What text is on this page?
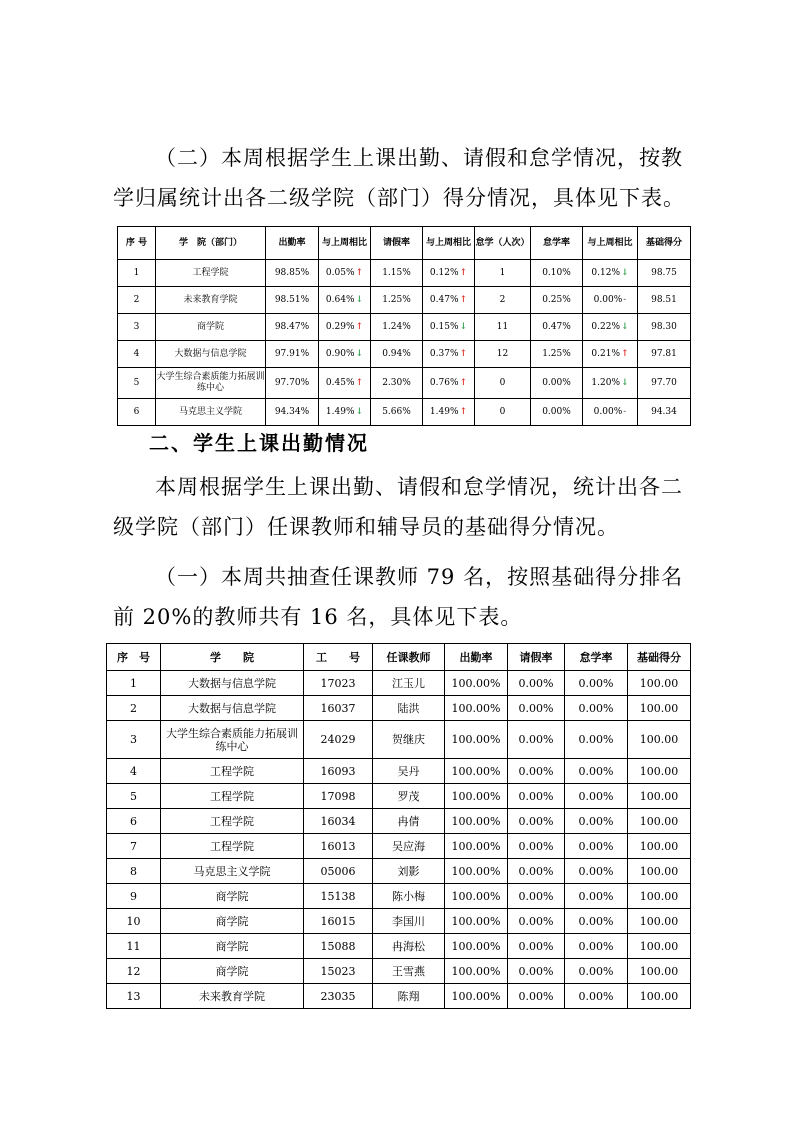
（二）本周根据学生上课出勤、请假和怠学情况，按教学归属统计出各二级学院（部门）得分情况，具体见下表。

序 号	学　院（部门）	出勤率	与上周相比	请假率	与上周相比	怠学（人次）	怠学率	与上周相比	基础得分
1	工程学院	98.85%	0.05%↑	1.15%	0.12%↑	1	0.10%	0.12%↓	98.75
2	未来教育学院	98.51%	0.64%↓	1.25%	0.47%↑	2	0.25%	0.00%-	98.51
3	商学院	98.47%	0.29%↑	1.24%	0.15%↓	11	0.47%	0.22%↓	98.30
4	大数据与信息学院	97.91%	0.90%↓	0.94%	0.37%↑	12	1.25%	0.21%↑	97.81
5	大学生综合素质能力拓展训练中心	97.70%	0.45%↑	2.30%	0.76%↑	0	0.00%	1.20%↓	97.70
6	马克思主义学院	94.34%	1.49%↓	5.66%	1.49%↑	0	0.00%	0.00%-	94.34
二、学生上课出勤情况

本周根据学生上课出勤、请假和怠学情况，统计出各二级学院（部门）任课教师和辅导员的基础得分情况。

（一）本周共抽查任课教师 79 名，按照基础得分排名前 20%的教师共有 16 名，具体见下表。

序　号	学　　院	工　　号	任课教师	出勤率	请假率	怠学率	基础得分
1	大数据与信息学院	17023	江玉儿	100.00%	0.00%	0.00%	100.00
2	大数据与信息学院	16037	陆洪	100.00%	0.00%	0.00%	100.00
3	大学生综合素质能力拓展训练中心	24029	贺继庆	100.00%	0.00%	0.00%	100.00
4	工程学院	16093	吴丹	100.00%	0.00%	0.00%	100.00
5	工程学院	17098	罗茂	100.00%	0.00%	0.00%	100.00
6	工程学院	16034	冉倩	100.00%	0.00%	0.00%	100.00
7	工程学院	16013	吴应海	100.00%	0.00%	0.00%	100.00
8	马克思主义学院	05006	刘影	100.00%	0.00%	0.00%	100.00
9	商学院	15138	陈小梅	100.00%	0.00%	0.00%	100.00
10	商学院	16015	李国川	100.00%	0.00%	0.00%	100.00
11	商学院	15088	冉海松	100.00%	0.00%	0.00%	100.00
12	商学院	15023	王雪燕	100.00%	0.00%	0.00%	100.00
13	未来教育学院	23035	陈翔	100.00%	0.00%	0.00%	100.00
